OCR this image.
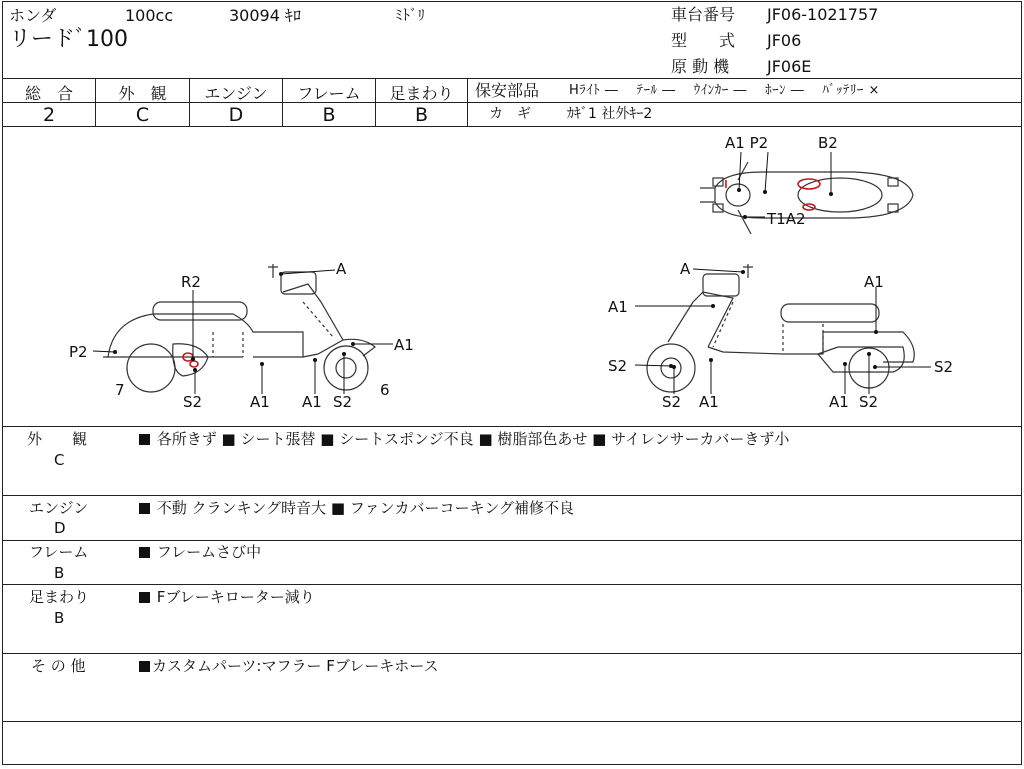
ホンダ	100cc	30094 ｷﾛ	ﾐﾄﾞﾘ
リードﾞ100
車台番号 JF06-1021757
型　　式 JF06
原 動 機 JF06E
総　合
2
外　観
C
エンジン
D
フレーム
B
足まわり
B
保安部品 Hﾗｲﾄ ―　 ﾃｰﾙ ―　 ｳｲﾝｶｰ ―　 ﾎｰﾝ ―　 ﾊﾞｯﾃﾘｰ ×
カ　ギ	ｶｷﾞ1 社外ｷｰ2
A1 P2	B2
T1A2
A
R2
P2	A1
7
S2	A1 A1 S2
6
A
A1
A1
S2	S2
S2 A1	A1 S2
外　　観
C
各所きず ■ シート張替 ■ シートスポンジ不良 ■ 樹脂部色あせ ■ サイレンサーカバーきず小
エンジン
D
不動 クランキング時音大 ■ ファンカバーコーキング補修不良
フレーム
B
フレームさび中
足まわり
B
Fブレーキローター減り
そ の 他	カスタムパーツ:マフラー Fブレーキホース
